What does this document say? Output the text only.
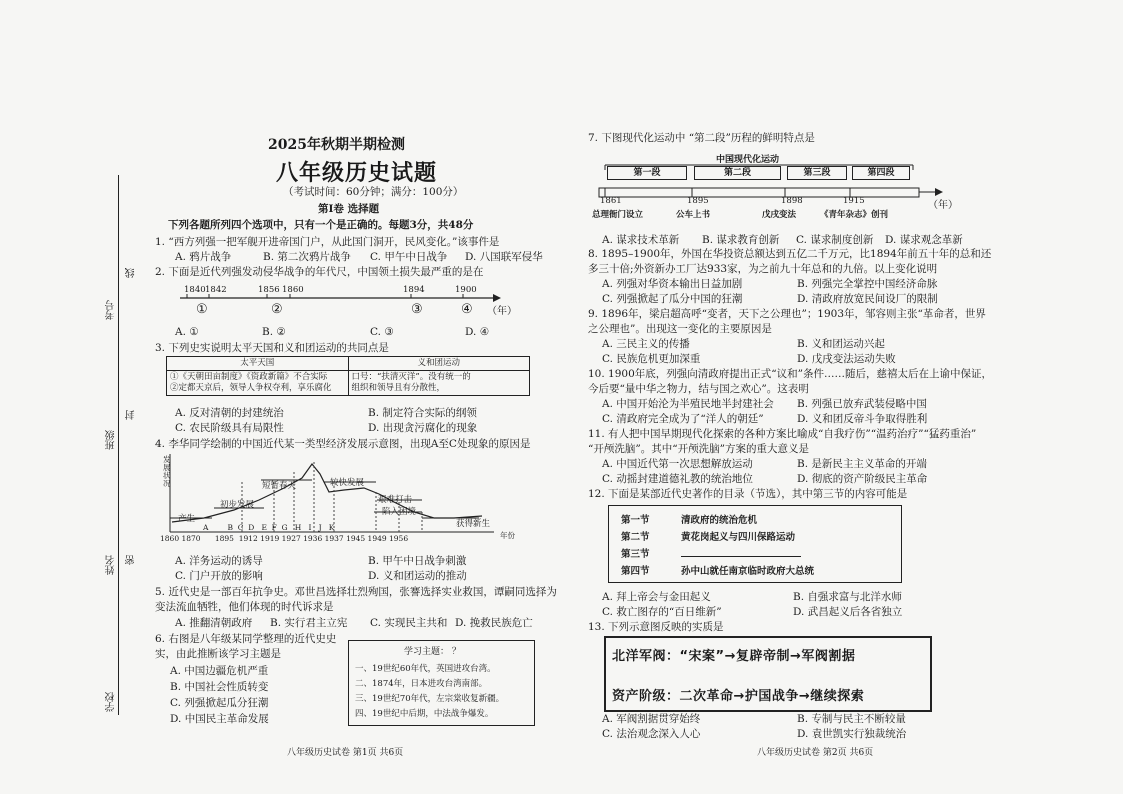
考号
线
班级
封
姓名 密
学校
2025年秋期半期检测
八年级历史试题
（考试时间：60分钟；满分：100分）
第Ⅰ卷 选择题
下列各题所列四个选项中，只有一个是正确的。每题3分，共48分
1. “西方列强一把军舰开进帝国门户，从此国门洞开，民风变化。”该事件是
A. 鸦片战争	B. 第二次鸦片战争 C. 甲午中日战争 D. 八国联军侵华
2. 下面是近代列强发动侵华战争的年代尺，中国领土损失最严重的是在
1840 1842	1856 1860	1894	1900
①	②	③	④ （年）
A. ①	B. ②	C. ③	D. ④
3. 下列史实说明太平天国和义和团运动的共同点是
太平天国	义和团运动
①《天朝田亩制度》《资政新篇》不合实际
②定都天京后，领导人争权夺利，享乐腐化	口号：“扶清灭洋”。没有统一的
组织和领导且有分散性，
A. 反对清朝的封建统治	B. 制定符合实际的纲领
C. 农民阶级具有局限性	D. 出现贪污腐化的现象
4. 李华同学绘制的中国近代某一类型经济发展示意图，出现A至C处现象的原因是
发展状况
产生
初步发展
短暂春天	较快发展
艰难打击
陷入困境
获得新生
A        B  C  D   E  F  G   H   I   J   K
1860 1870      1895  1912 1919 1927 1936 1937 1945 1949 1956	年份
A. 洋务运动的诱导	B. 甲午中日战争刺激
C. 门户开放的影响	D. 义和团运动的推动
5. 近代史是一部百年抗争史。邓世昌选择壮烈殉国，张謇选择实业救国，谭嗣同选择为
变法流血牺牲，他们体现的时代诉求是
A. 推翻清朝政府 B. 实行君主立宪 C. 实现民主共和 D. 挽救民族危亡
6. 右图是八年级某同学整理的近代史史
实，由此推断该学习主题是
A. 中国边疆危机严重
B. 中国社会性质转变
C. 列强掀起瓜分狂潮
D. 中国民主革命发展
学习主题： ？
一、19世纪60年代，英国进攻台湾。
二、1874年，日本进攻台湾南部。
三、19世纪70年代，左宗棠收复新疆。
四、19世纪中后期，中法战争爆发。
八年级历史试卷 第1页 共6页
7. 下图现代化运动中 “第二段”历程的鲜明特点是
中国现代化运动
第一段	第二段	第三段	第四段
1861	1895	1898	1915
总理衙门设立	公车上书	戊戌变法	《青年杂志》创刊
（年）
A. 谋求技术革新 B. 谋求教育创新 C. 谋求制度创新 D. 谋求观念革新
8. 1895–1900年，外国在华投资总额达到五亿二千万元，比1894年前五十年的总和还
多三十倍;外资新办工厂达933家，为之前九十年总和的九倍。以上变化说明
A. 列强对华资本输出日益加剧	B. 列强完全掌控中国经济命脉
C. 列强掀起了瓜分中国的狂潮	D. 清政府放宽民间设厂的限制
9. 1896年，梁启超高呼“变者，天下之公理也”；1903年，邹容则主张“革命者，世界
之公理也”。出现这一变化的主要原因是
A. 三民主义的传播	B. 义和团运动兴起
C. 民族危机更加深重	D. 戊戌变法运动失败
10. 1900年底，列强向清政府提出正式“议和”条件……随后，慈禧太后在上谕中保证，
今后要“量中华之物力，结与国之欢心”。这表明
A. 中国开始沦为半殖民地半封建社会 B. 列强已放弃武装侵略中国
C. 清政府完全成为了“洋人的朝廷”	D. 义和团反帝斗争取得胜利
11. 有人把中国早期现代化探索的各种方案比喻成“自我疗伤”“温药治疗”“猛药重治”
“开颅洗脑”。其中“开颅洗脑”方案的重大意义是
A. 中国近代第一次思想解放运动	B. 是新民主主义革命的开端
C. 动摇封建道德礼教的统治地位	D. 彻底的资产阶级民主革命
12. 下面是某部近代史著作的目录（节选），其中第三节的内容可能是
第一节	清政府的统治危机
第二节	黄花岗起义与四川保路运动
第三节
第四节	孙中山就任南京临时政府大总统
A. 拜上帝会与金田起义	B. 自强求富与北洋水师
C. 救亡图存的“百日维新”	D. 武昌起义后各省独立
13. 下列示意图反映的实质是
北洋军阀：“宋案”→复辟帝制→军阀割据
资产阶级：二次革命→护国战争→继续探索
A. 军阀割据贯穿始终	B. 专制与民主不断较量
C. 法治观念深入人心	D. 袁世凯实行独裁统治
八年级历史试卷 第2页 共6页
